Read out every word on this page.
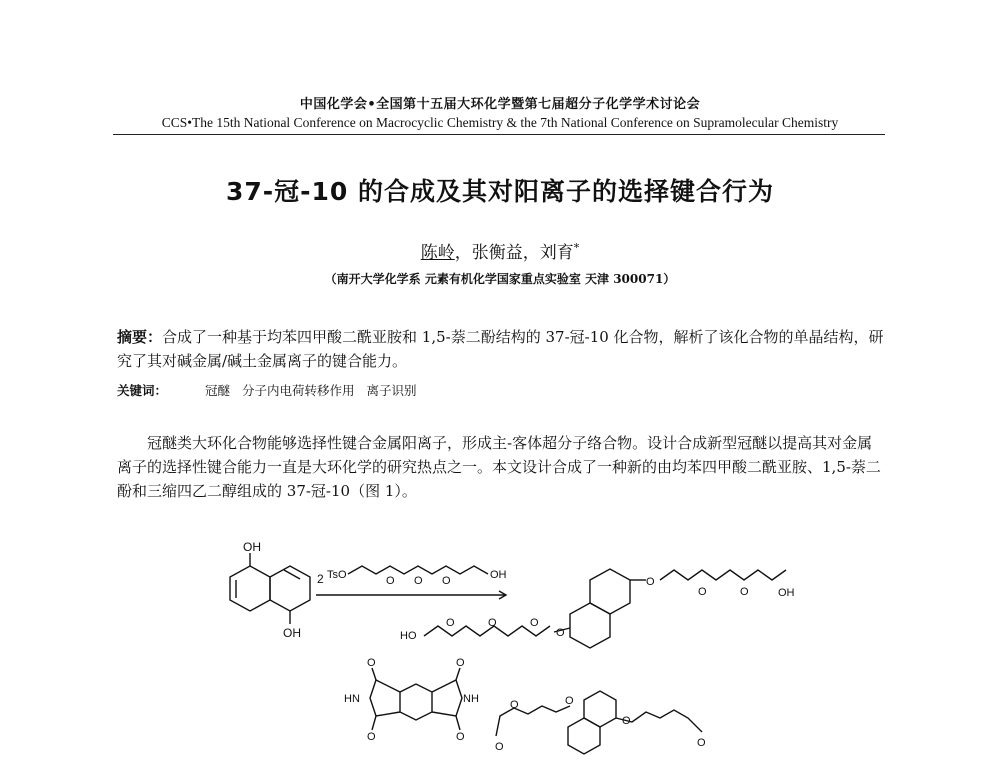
中国化学会•全国第十五届大环化学暨第七届超分子化学学术讨论会
CCS•The 15th National Conference on Macrocyclic Chemistry & the 7th National Conference on Supramolecular Chemistry
37-冠-10 的合成及其对阳离子的选择键合行为
陈岭，张衡益，刘育*
（南开大学化学系 元素有机化学国家重点实验室 天津 300071）
摘要：合成了一种基于均苯四甲酸二酰亚胺和 1,5-萘二酚结构的 37-冠-10 化合物，解析了该化合物的单晶结构，研究了其对碱金属/碱土金属离子的键合能力。
关键词：	冠醚 分子内电荷转移作用 离子识别
冠醚类大环化合物能够选择性键合金属阳离子，形成主-客体超分子络合物。设计合成新型冠醚以提高其对金属离子的选择性键合能力一直是大环化学的研究热点之一。本文设计合成了一种新的由均苯四甲酸二酰亚胺、1,5-萘二酚和三缩四乙二醇组成的 37-冠-10（图 1）。
OH
OH
2 TsO	O O O	OH
O
O	O	OH
HO
O	O	O
O
O	O
O	O
HN	NH	O	O
O
O	O
